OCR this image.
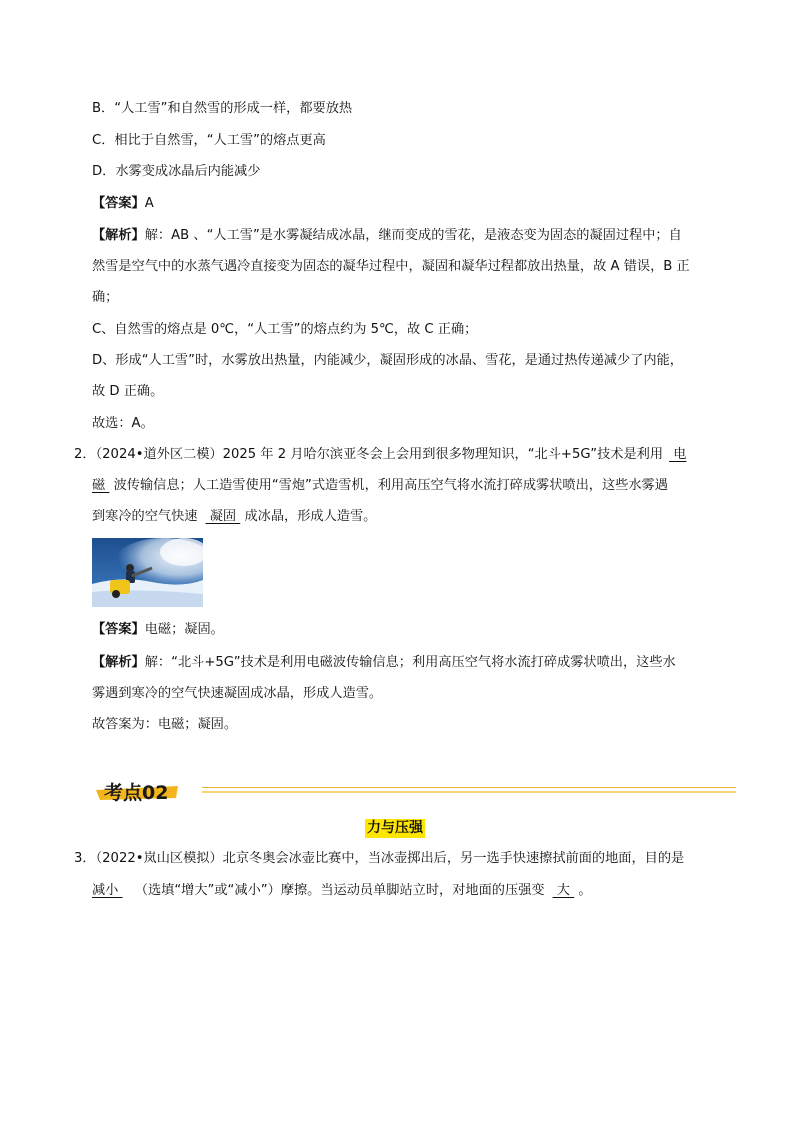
B．“人工雪”和自然雪的形成一样，都要放热
C．相比于自然雪，“人工雪”的熔点更高
D．水雾变成冰晶后内能减少
【答案】A
【解析】解：AB 、“人工雪”是水雾凝结成冰晶，继而变成的雪花，是液态变为固态的凝固过程中；自
然雪是空气中的水蒸气遇冷直接变为固态的凝华过程中，凝固和凝华过程都放出热量，故 A 错误，B 正
确；
C、自然雪的熔点是 0℃，“人工雪”的熔点约为 5℃，故 C 正确；
D、形成“人工雪”时，水雾放出热量，内能减少，凝固形成的冰晶、雪花，是通过热传递减少了内能，
故 D 正确。
故选：A。
2．（2024•道外区二模）2025 年 2 月哈尔滨亚冬会上会用到很多物理知识，“北斗+5G”技术是利用 电
磁  波传输信息；人工造雪使用“雪炮”式造雪机，利用高压空气将水流打碎成雾状喷出，这些水雾遇
到寒冷的空气快速 凝固  成冰晶，形成人造雪。
【答案】电磁；凝固。
【解析】解：“北斗+5G”技术是利用电磁波传输信息；利用高压空气将水流打碎成雾状喷出，这些水
雾遇到寒冷的空气快速凝固成冰晶，形成人造雪。
故答案为：电磁；凝固。
考点02
力与压强
3．（2022•岚山区模拟）北京冬奥会冰壶比赛中，当冰壶掷出后，另一选手快速擦拭前面的地面，目的是
减小  （选填“增大”或“减小”）摩擦。当运动员单脚站立时，对地面的压强变 大  。
